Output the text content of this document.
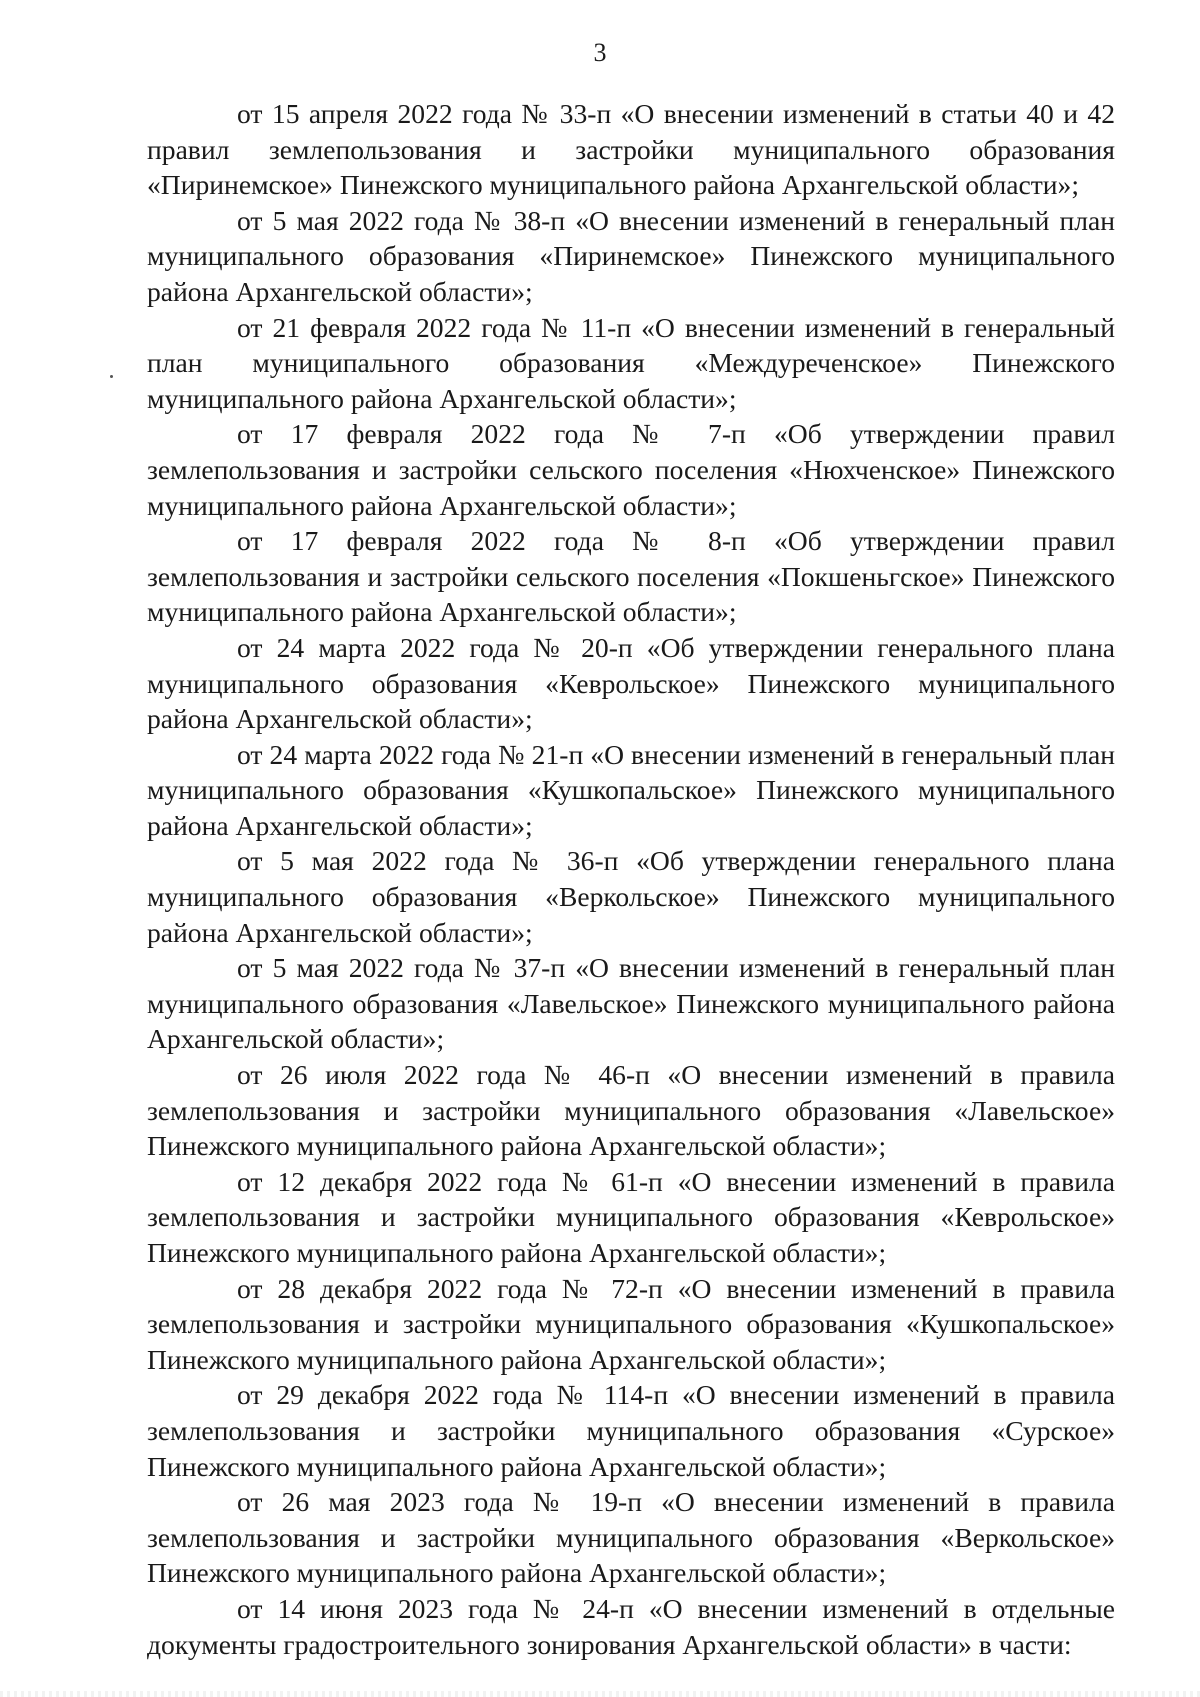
3

от 15 апреля 2022 года № 33-п «О внесении изменений в статьи 40 и 42 правил землепользования и застройки муниципального образования «Пиринемское» Пинежского муниципального района Архангельской области»;

от 5 мая 2022 года № 38-п «О внесении изменений в генеральный план муниципального образования «Пиринемское» Пинежского муниципального района Архангельской области»;

от 21 февраля 2022 года № 11-п «О внесении изменений в генеральный план муниципального образования «Междуреченское» Пинежского муниципального района Архангельской области»;

от 17 февраля 2022 года № 7-п «Об утверждении правил землепользования и застройки сельского поселения «Нюхченское» Пинежского муниципального района Архангельской области»;

от 17 февраля 2022 года № 8-п «Об утверждении правил землепользования и застройки сельского поселения «Покшеньгское» Пинежского муниципального района Архангельской области»;

от 24 марта 2022 года № 20-п «Об утверждении генерального плана муниципального образования «Кеврольское» Пинежского муниципального района Архангельской области»;

от 24 марта 2022 года № 21-п «О внесении изменений в генеральный план муниципального образования «Кушкопальское» Пинежского муниципального района Архангельской области»;

от 5 мая 2022 года № 36-п «Об утверждении генерального плана муниципального образования «Веркольское» Пинежского муниципального района Архангельской области»;

от 5 мая 2022 года № 37-п «О внесении изменений в генеральный план муниципального образования «Лавельское» Пинежского муниципального района Архангельской области»;

от 26 июля 2022 года № 46-п «О внесении изменений в правила землепользования и застройки муниципального образования «Лавельское» Пинежского муниципального района Архангельской области»;

от 12 декабря 2022 года № 61-п «О внесении изменений в правила землепользования и застройки муниципального образования «Кеврольское» Пинежского муниципального района Архангельской области»;

от 28 декабря 2022 года № 72-п «О внесении изменений в правила землепользования и застройки муниципального образования «Кушкопальское» Пинежского муниципального района Архангельской области»;

от 29 декабря 2022 года № 114-п «О внесении изменений в правила землепользования и застройки муниципального образования «Сурское» Пинежского муниципального района Архангельской области»;

от 26 мая 2023 года № 19-п «О внесении изменений в правила землепользования и застройки муниципального образования «Веркольское» Пинежского муниципального района Архангельской области»;

от 14 июня 2023 года № 24-п «О внесении изменений в отдельные документы градостроительного зонирования Архангельской области» в части:
